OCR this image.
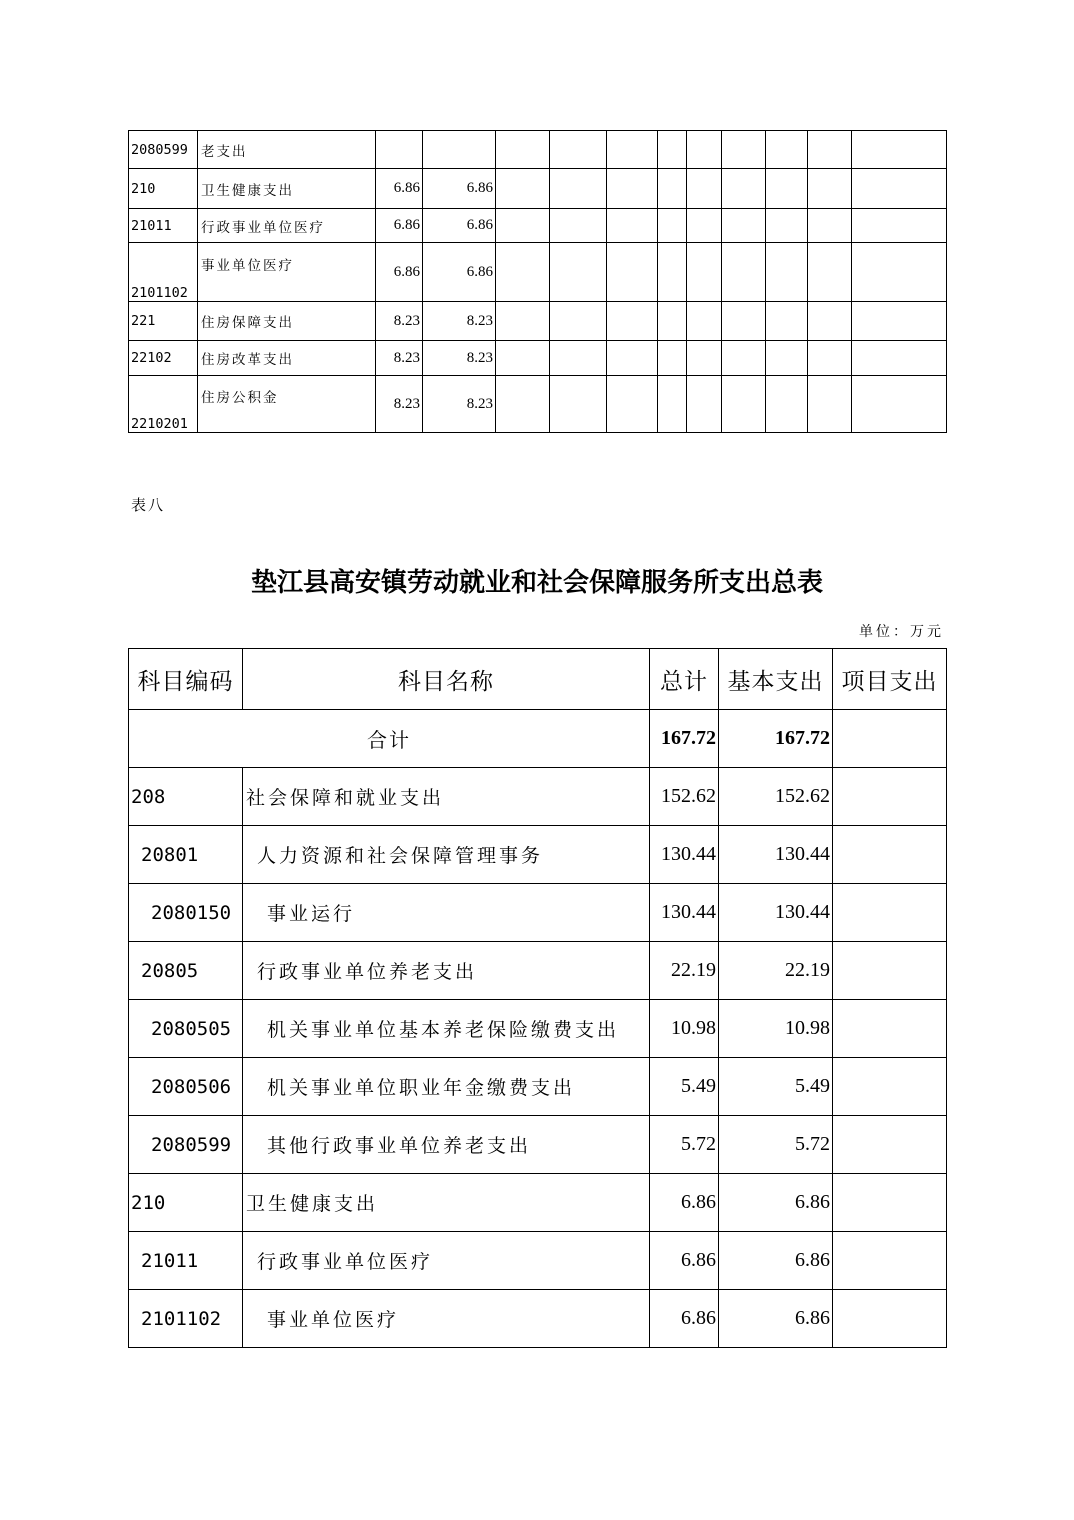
2080599	老支出											
210	卫生健康支出	6.86	6.86									
21011	行政事业单位医疗	6.86	6.86									
2101102	事业单位医疗	6.86	6.86									
221	住房保障支出	8.23	8.23									
22102	住房改革支出	8.23	8.23									
2210201	住房公积金	8.23	8.23									
表八
垫江县高安镇劳动就业和社会保障服务所支出总表
单位：万元
科目编码	科目名称	总计	基本支出	项目支出
合计		167.72	167.72	
208	社会保障和就业支出	152.62	152.62	
20801	人力资源和社会保障管理事务	130.44	130.44	
2080150	事业运行	130.44	130.44	
20805	行政事业单位养老支出	22.19	22.19	
2080505	机关事业单位基本养老保险缴费支出	10.98	10.98	
2080506	机关事业单位职业年金缴费支出	5.49	5.49	
2080599	其他行政事业单位养老支出	5.72	5.72	
210	卫生健康支出	6.86	6.86	
21011	行政事业单位医疗	6.86	6.86	
2101102	事业单位医疗	6.86	6.86	
